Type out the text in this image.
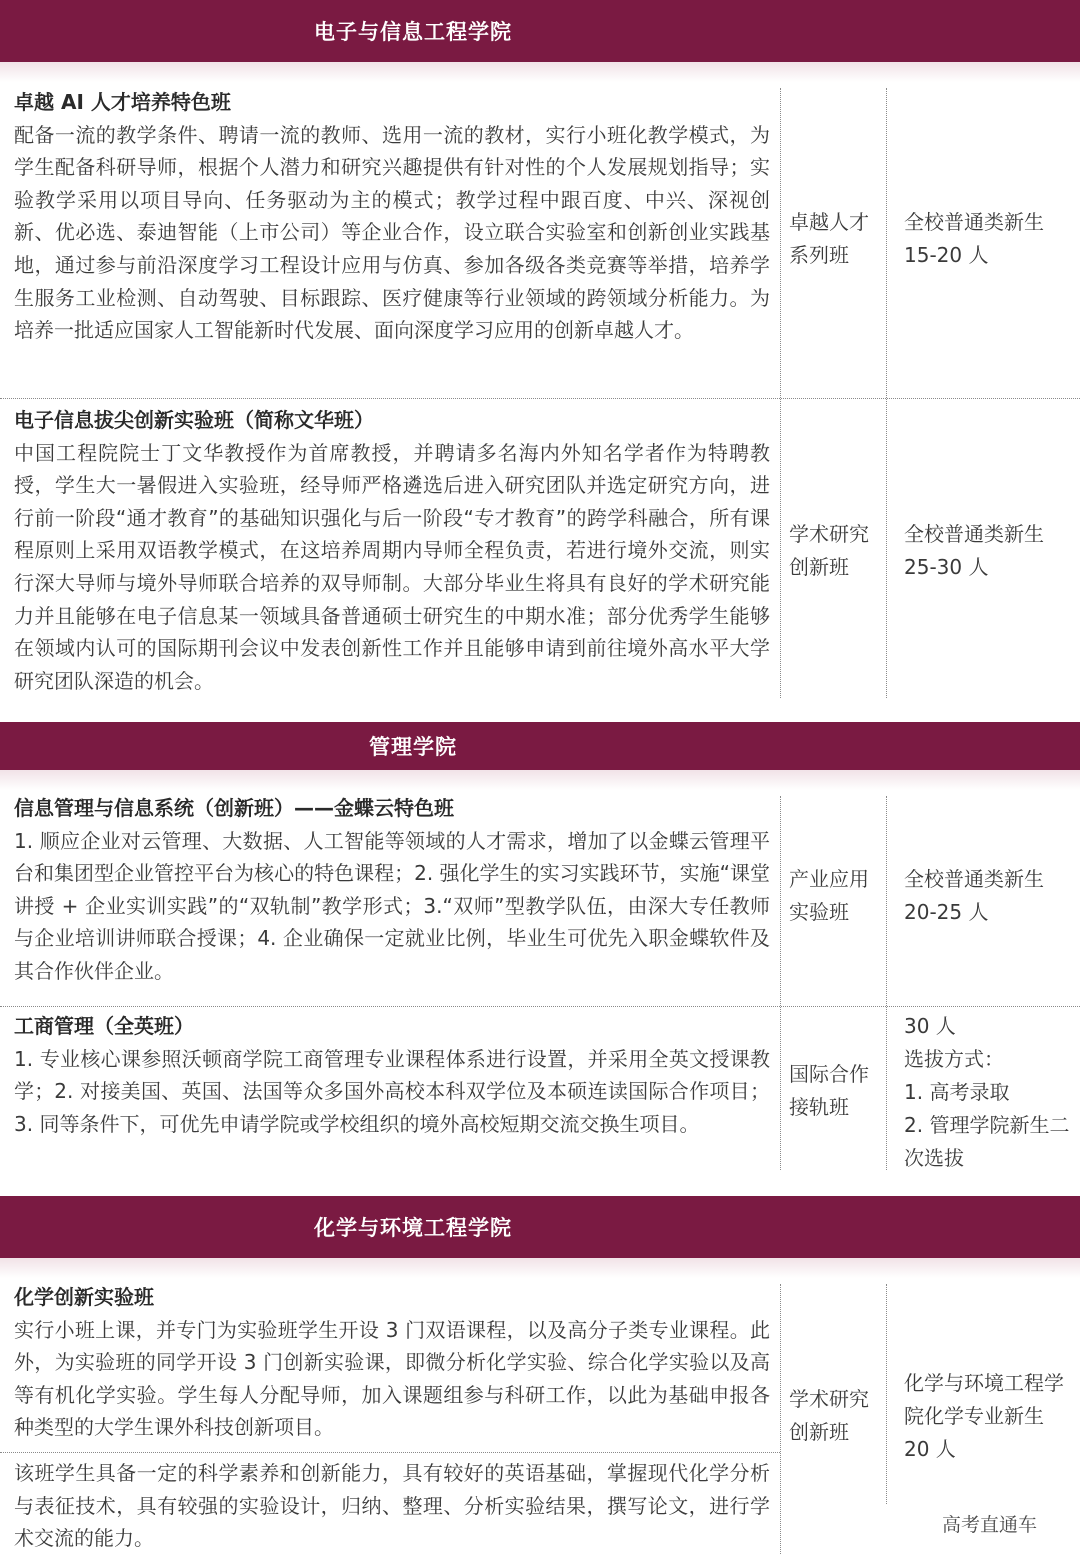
电子与信息工程学院
卓越 AI 人才培养特色班
配备一流的教学条件、聘请一流的教师、选用一流的教材，实行小班化教学模式，为学生配备科研导师，根据个人潜力和研究兴趣提供有针对性的个人发展规划指导；实验教学采用以项目导向、任务驱动为主的模式；教学过程中跟百度、中兴、深视创新、优必选、泰迪智能（上市公司）等企业合作，设立联合实验室和创新创业实践基地，通过参与前沿深度学习工程设计应用与仿真、参加各级各类竞赛等举措，培养学生服务工业检测、自动驾驶、目标跟踪、医疗健康等行业领域的跨领域分析能力。为培养一批适应国家人工智能新时代发展、面向深度学习应用的创新卓越人才。
卓越人才系列班
全校普通类新生
15-20 人
电子信息拔尖创新实验班（简称文华班）
中国工程院院士丁文华教授作为首席教授，并聘请多名海内外知名学者作为特聘教授，学生大一暑假进入实验班，经导师严格遴选后进入研究团队并选定研究方向，进行前一阶段“通才教育”的基础知识强化与后一阶段“专才教育”的跨学科融合，所有课程原则上采用双语教学模式，在这培养周期内导师全程负责，若进行境外交流，则实行深大导师与境外导师联合培养的双导师制。大部分毕业生将具有良好的学术研究能力并且能够在电子信息某一领域具备普通硕士研究生的中期水准；部分优秀学生能够在领域内认可的国际期刊会议中发表创新性工作并且能够申请到前往境外高水平大学研究团队深造的机会。
学术研究创新班
全校普通类新生
25-30 人
管理学院
信息管理与信息系统（创新班）——金蝶云特色班
1. 顺应企业对云管理、大数据、人工智能等领域的人才需求，增加了以金蝶云管理平台和集团型企业管控平台为核心的特色课程；2. 强化学生的实习实践环节，实施“课堂讲授 + 企业实训实践”的“双轨制”教学形式；3.“双师”型教学队伍，由深大专任教师与企业培训讲师联合授课；4. 企业确保一定就业比例，毕业生可优先入职金蝶软件及其合作伙伴企业。
产业应用实验班
全校普通类新生
20-25 人
工商管理（全英班）
1. 专业核心课参照沃顿商学院工商管理专业课程体系进行设置，并采用全英文授课教学；2. 对接美国、英国、法国等众多国外高校本科双学位及本硕连读国际合作项目；3. 同等条件下，可优先申请学院或学校组织的境外高校短期交流交换生项目。
国际合作接轨班
30 人
选拔方式：
1. 高考录取
2. 管理学院新生二次选拔
化学与环境工程学院
化学创新实验班
实行小班上课，并专门为实验班学生开设 3 门双语课程，以及高分子类专业课程。此外，为实验班的同学开设 3 门创新实验课，即微分析化学实验、综合化学实验以及高等有机化学实验。学生每人分配导师，加入课题组参与科研工作，以此为基础申报各种类型的大学生课外科技创新项目。
该班学生具备一定的科学素养和创新能力，具有较好的英语基础，掌握现代化学分析与表征技术，具有较强的实验设计，归纳、整理、分析实验结果，撰写论文，进行学术交流的能力。
学术研究创新班
化学与环境工程学院化学专业新生 20 人
高考直通车
